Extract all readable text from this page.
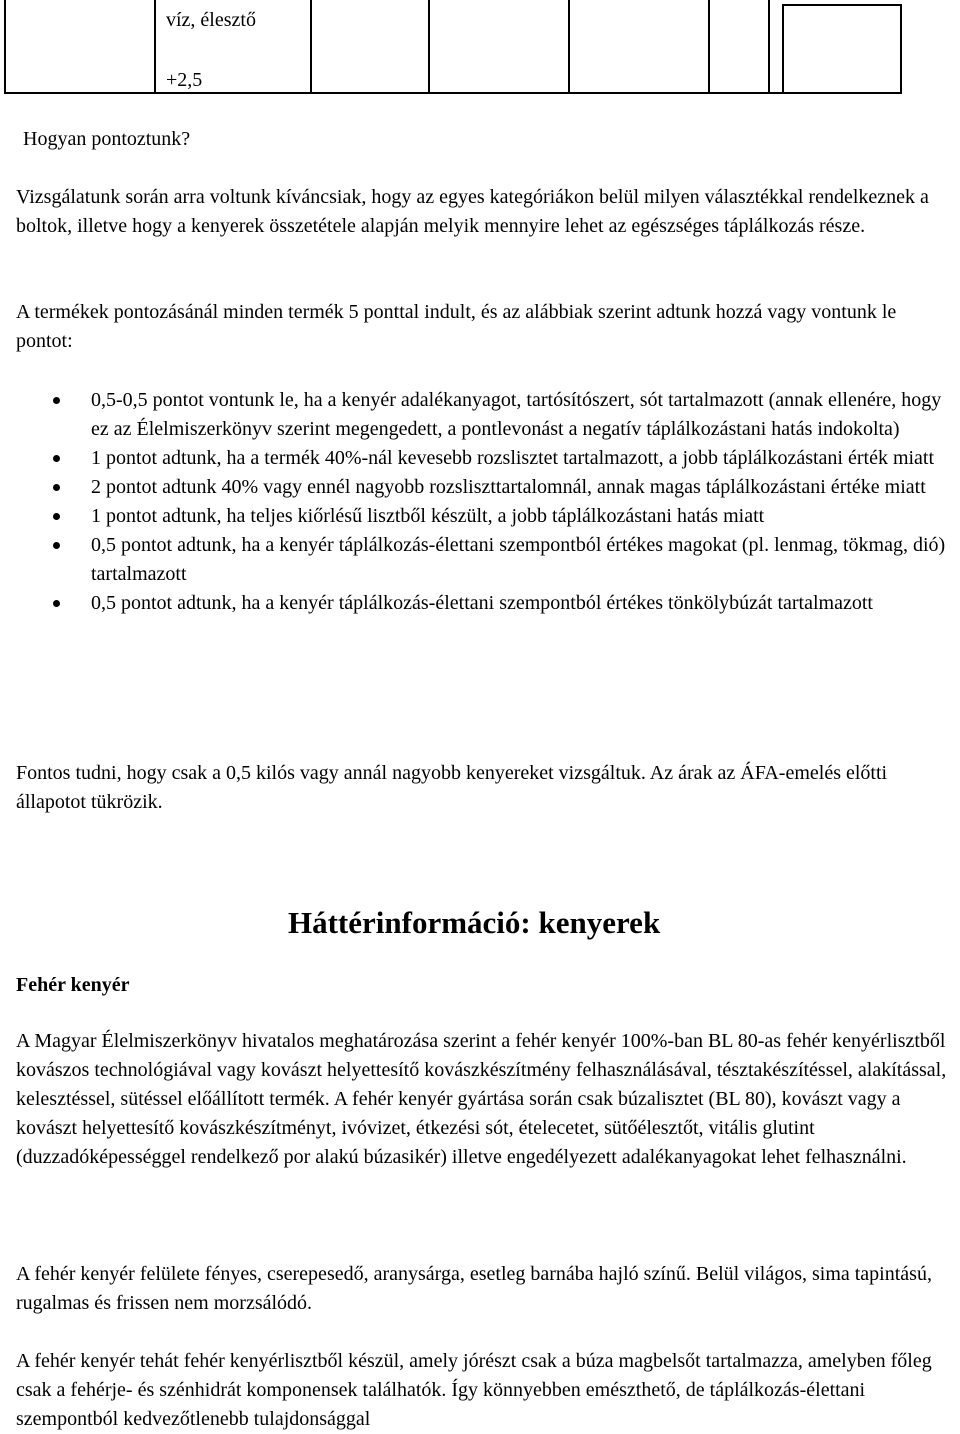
víz, élesztő
+2,5
Hogyan pontoztunk?

Vizsgálatunk során arra voltunk kíváncsiak, hogy az egyes kategóriákon belül milyen választékkal rendelkeznek a boltok, illetve hogy a kenyerek összetétele alapján melyik mennyire lehet az egészséges táplálkozás része.

A termékek pontozásánál minden termék 5 ponttal indult, és az alábbiak szerint adtunk hozzá vagy vontunk le pontot:

0,5-0,5 pontot vontunk le, ha a kenyér adalékanyagot, tartósítószert, sót tartalmazott (annak ellenére, hogy ez az Élelmiszerkönyv szerint megengedett, a pontlevonást a negatív táplálkozástani hatás indokolta)
1 pontot adtunk, ha a termék 40%-nál kevesebb rozslisztet tartalmazott, a jobb táplálkozástani érték miatt
2 pontot adtunk 40% vagy ennél nagyobb rozsliszttartalomnál, annak magas táplálkozástani értéke miatt
1 pontot adtunk, ha teljes kiőrlésű lisztből készült, a jobb táplálkozástani hatás miatt
0,5 pontot adtunk, ha a kenyér táplálkozás-élettani szempontból értékes magokat (pl. lenmag, tökmag, dió) tartalmazott
0,5 pontot adtunk, ha a kenyér táplálkozás-élettani szempontból értékes tönkölybúzát tartalmazott

Fontos tudni, hogy csak a 0,5 kilós vagy annál nagyobb kenyereket vizsgáltuk. Az árak az ÁFA-emelés előtti állapotot tükrözik.

Háttérinformáció: kenyerek
Fehér kenyér

A Magyar Élelmiszerkönyv hivatalos meghatározása szerint a fehér kenyér 100%-ban BL 80-as fehér kenyérlisztből kovászos technológiával vagy kovászt helyettesítő kovászkészítmény felhasználásával, tésztakészítéssel, alakítással, kelesztéssel, sütéssel előállított termék. A fehér kenyér gyártása során csak búzalisztet (BL 80), kovászt vagy a kovászt helyettesítő kovászkészítményt, ivóvizet, étkezési sót, ételecetet, sütőélesztőt, vitális glutint (duzzadóképességgel rendelkező por alakú búzasikér) illetve engedélyezett adalékanyagokat lehet felhasználni.

A fehér kenyér felülete fényes, cserepesedő, aranysárga, esetleg barnába hajló színű. Belül világos, sima tapintású, rugalmas és frissen nem morzsálódó.

A fehér kenyér tehát fehér kenyérlisztből készül, amely jórészt csak a búza magbelsőt tartalmazza, amelyben főleg csak a fehérje- és szénhidrát komponensek találhatók. Így könnyebben emészthető, de táplálkozás-élettani szempontból kedvezőtlenebb tulajdonsággal
